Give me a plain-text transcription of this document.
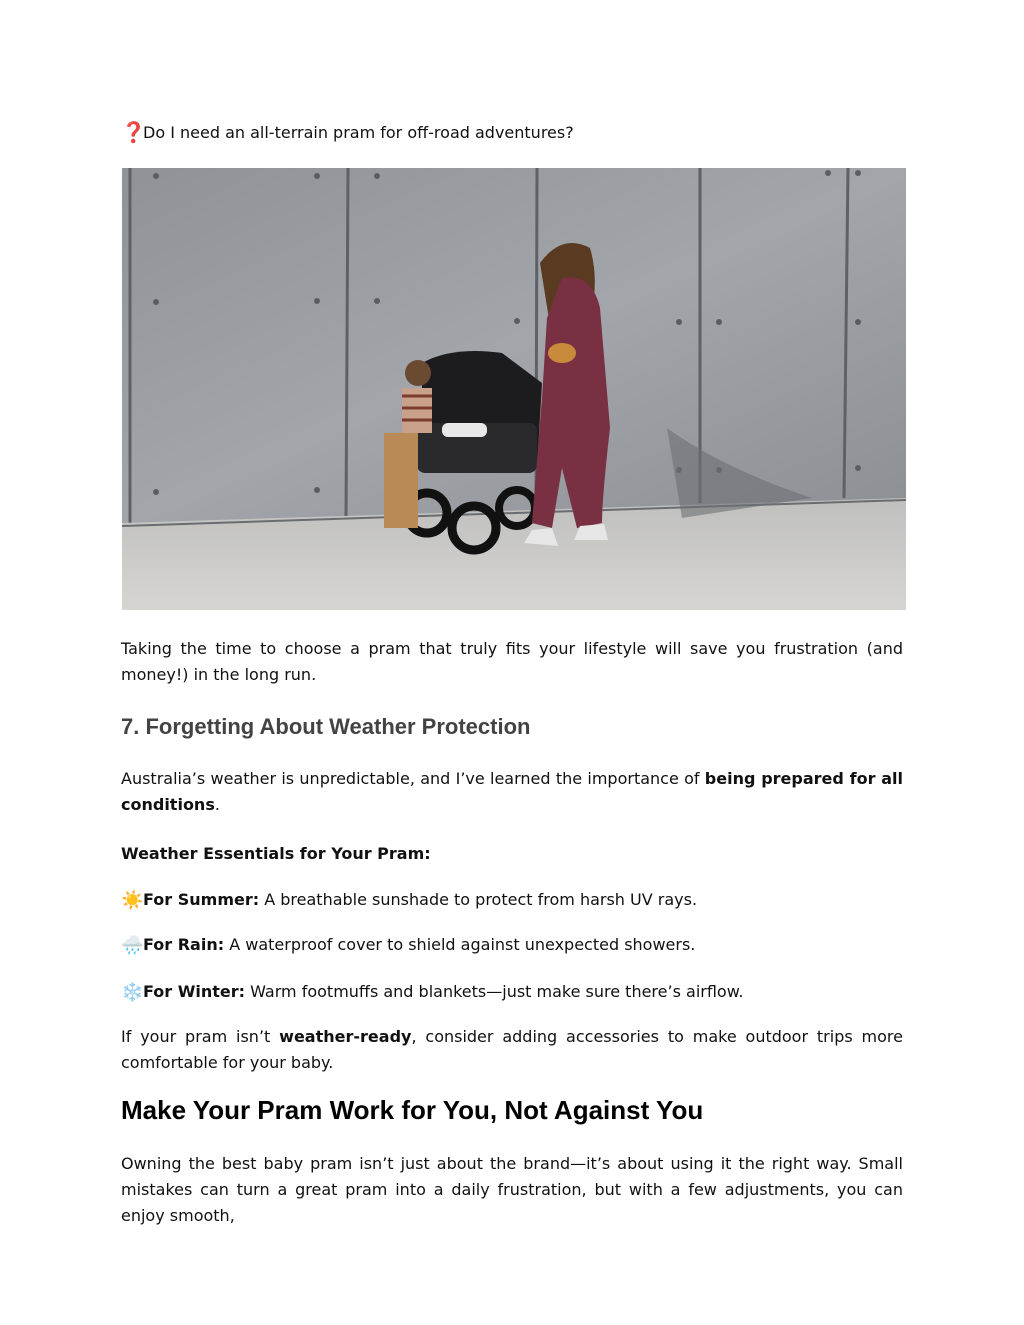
❓Do I need an all-terrain pram for off-road adventures?
Taking the time to choose a pram that truly fits your lifestyle will save you frustration (and money!) in the long run.
7. Forgetting About Weather Protection
Australia’s weather is unpredictable, and I’ve learned the importance of being prepared for all conditions.
Weather Essentials for Your Pram:
☀️For Summer: A breathable sunshade to protect from harsh UV rays.
🌧️For Rain: A waterproof cover to shield against unexpected showers.
❄️For Winter: Warm footmuffs and blankets—just make sure there’s airflow.
If your pram isn’t weather-ready, consider adding accessories to make outdoor trips more comfortable for your baby.
Make Your Pram Work for You, Not Against You
Owning the best baby pram isn’t just about the brand—it’s about using it the right way. Small mistakes can turn a great pram into a daily frustration, but with a few adjustments, you can enjoy smooth,
